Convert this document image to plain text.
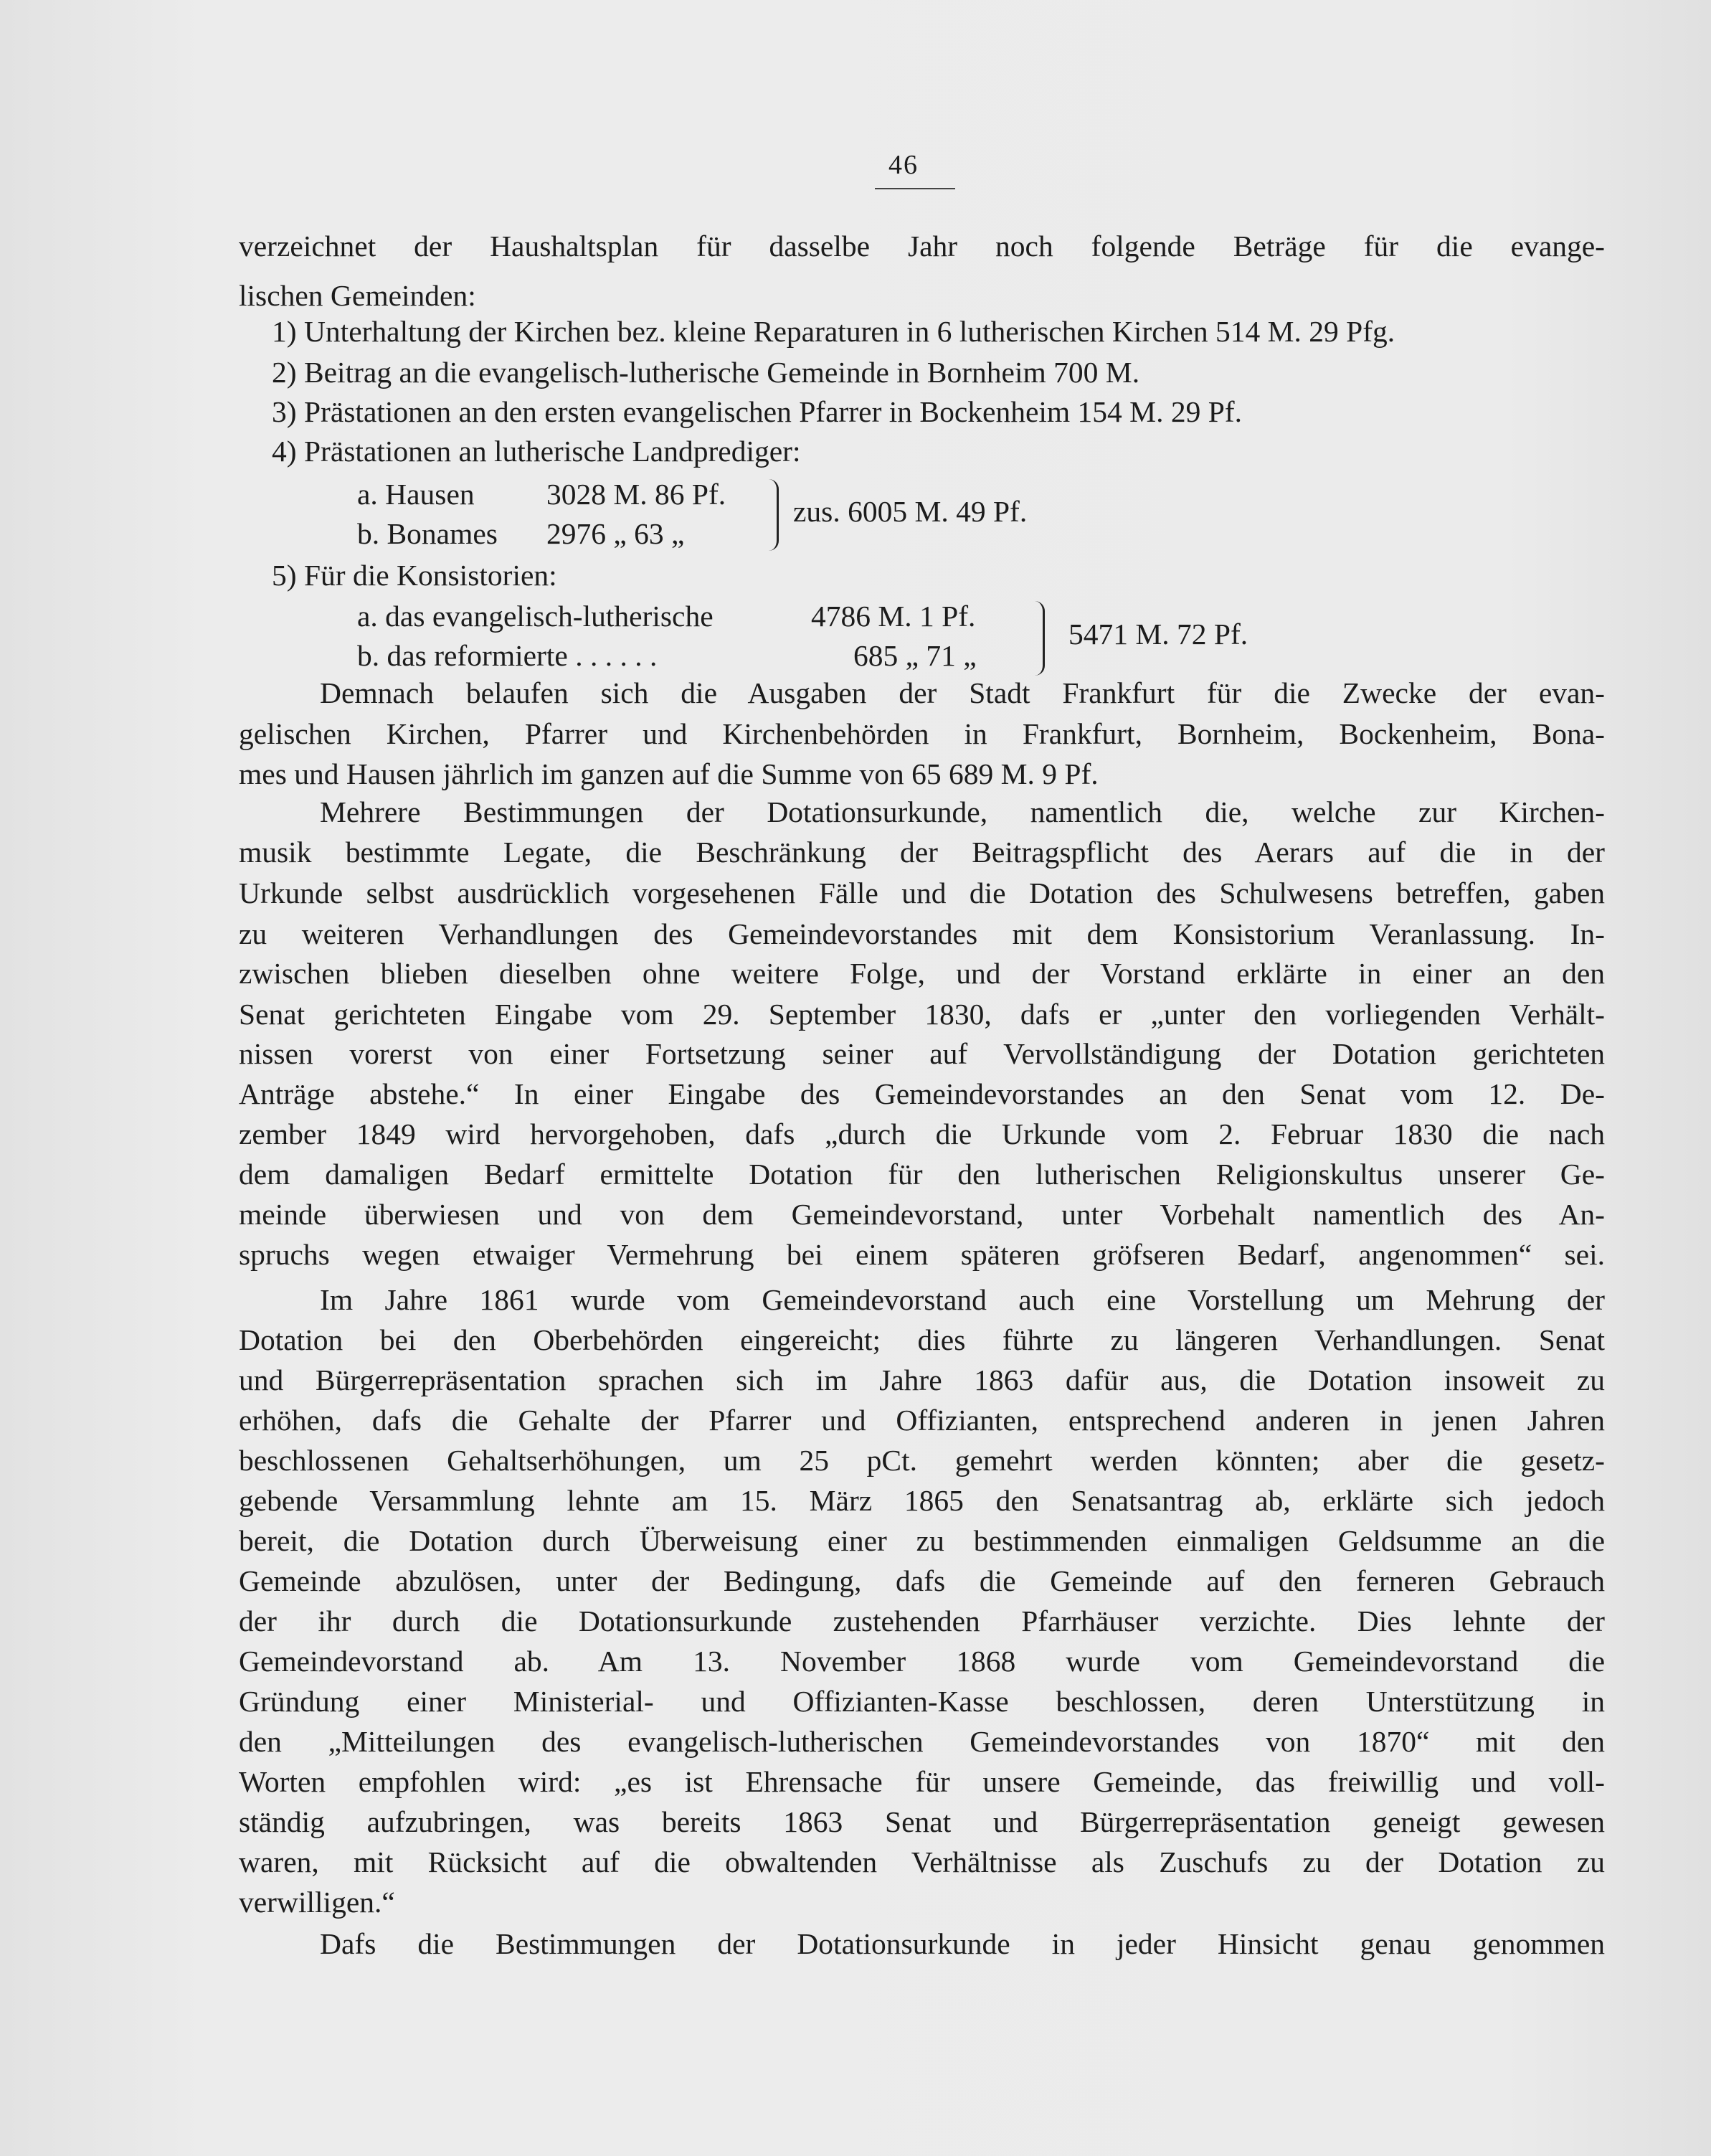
46
verzeichnet der Haushaltsplan für dasselbe Jahr noch folgende Beträge für die evange-
lischen Gemeinden:
1) Unterhaltung der Kirchen bez. kleine Reparaturen in 6 lutherischen Kirchen 514 M. 29 Pfg.
2) Beitrag an die evangelisch-lutherische Gemeinde in Bornheim 700 M.
3) Prästationen an den ersten evangelischen Pfarrer in Bockenheim 154 M. 29 Pf.
4) Prästationen an lutherische Landprediger:
a. Hausen 3028 M. 86 Pf.
b. Bonames 2976 „ 63 „
zus. 6005 M. 49 Pf.
5) Für die Konsistorien:
a. das evangelisch-lutherische	4786 M. 1 Pf.
b. das reformierte . . . . . .	685 „ 71 „
5471 M. 72 Pf.
Demnach belaufen sich die Ausgaben der Stadt Frankfurt für die Zwecke der evan-
gelischen Kirchen, Pfarrer und Kirchenbehörden in Frankfurt, Bornheim, Bockenheim, Bona-
mes und Hausen jährlich im ganzen auf die Summe von 65 689 M. 9 Pf.
Mehrere Bestimmungen der Dotationsurkunde, namentlich die, welche zur Kirchen-
musik bestimmte Legate, die Beschränkung der Beitragspflicht des Aerars auf die in der
Urkunde selbst ausdrücklich vorgesehenen Fälle und die Dotation des Schulwesens betreffen, gaben
zu weiteren Verhandlungen des Gemeindevorstandes mit dem Konsistorium Veranlassung. In-
zwischen blieben dieselben ohne weitere Folge, und der Vorstand erklärte in einer an den
Senat gerichteten Eingabe vom 29. September 1830, dafs er „unter den vorliegenden Verhält-
nissen vorerst von einer Fortsetzung seiner auf Vervollständigung der Dotation gerichteten
Anträge abstehe.“ In einer Eingabe des Gemeindevorstandes an den Senat vom 12. De-
zember 1849 wird hervorgehoben, dafs „durch die Urkunde vom 2. Februar 1830 die nach
dem damaligen Bedarf ermittelte Dotation für den lutherischen Religionskultus unserer Ge-
meinde überwiesen und von dem Gemeindevorstand, unter Vorbehalt namentlich des An-
spruchs wegen etwaiger Vermehrung bei einem späteren gröfseren Bedarf, angenommen“ sei.
Im Jahre 1861 wurde vom Gemeindevorstand auch eine Vorstellung um Mehrung der
Dotation bei den Oberbehörden eingereicht; dies führte zu längeren Verhandlungen. Senat
und Bürgerrepräsentation sprachen sich im Jahre 1863 dafür aus, die Dotation insoweit zu
erhöhen, dafs die Gehalte der Pfarrer und Offizianten, entsprechend anderen in jenen Jahren
beschlossenen Gehaltserhöhungen, um 25 pCt. gemehrt werden könnten; aber die gesetz-
gebende Versammlung lehnte am 15. März 1865 den Senatsantrag ab, erklärte sich jedoch
bereit, die Dotation durch Überweisung einer zu bestimmenden einmaligen Geldsumme an die
Gemeinde abzulösen, unter der Bedingung, dafs die Gemeinde auf den ferneren Gebrauch
der ihr durch die Dotationsurkunde zustehenden Pfarrhäuser verzichte. Dies lehnte der
Gemeindevorstand ab. Am 13. November 1868 wurde vom Gemeindevorstand die
Gründung einer Ministerial- und Offizianten-Kasse beschlossen, deren Unterstützung in
den „Mitteilungen des evangelisch-lutherischen Gemeindevorstandes von 1870“ mit den
Worten empfohlen wird: „es ist Ehrensache für unsere Gemeinde, das freiwillig und voll-
ständig aufzubringen, was bereits 1863 Senat und Bürgerrepräsentation geneigt gewesen
waren, mit Rücksicht auf die obwaltenden Verhältnisse als Zuschufs zu der Dotation zu
verwilligen.“
Dafs die Bestimmungen der Dotationsurkunde in jeder Hinsicht genau genommen
